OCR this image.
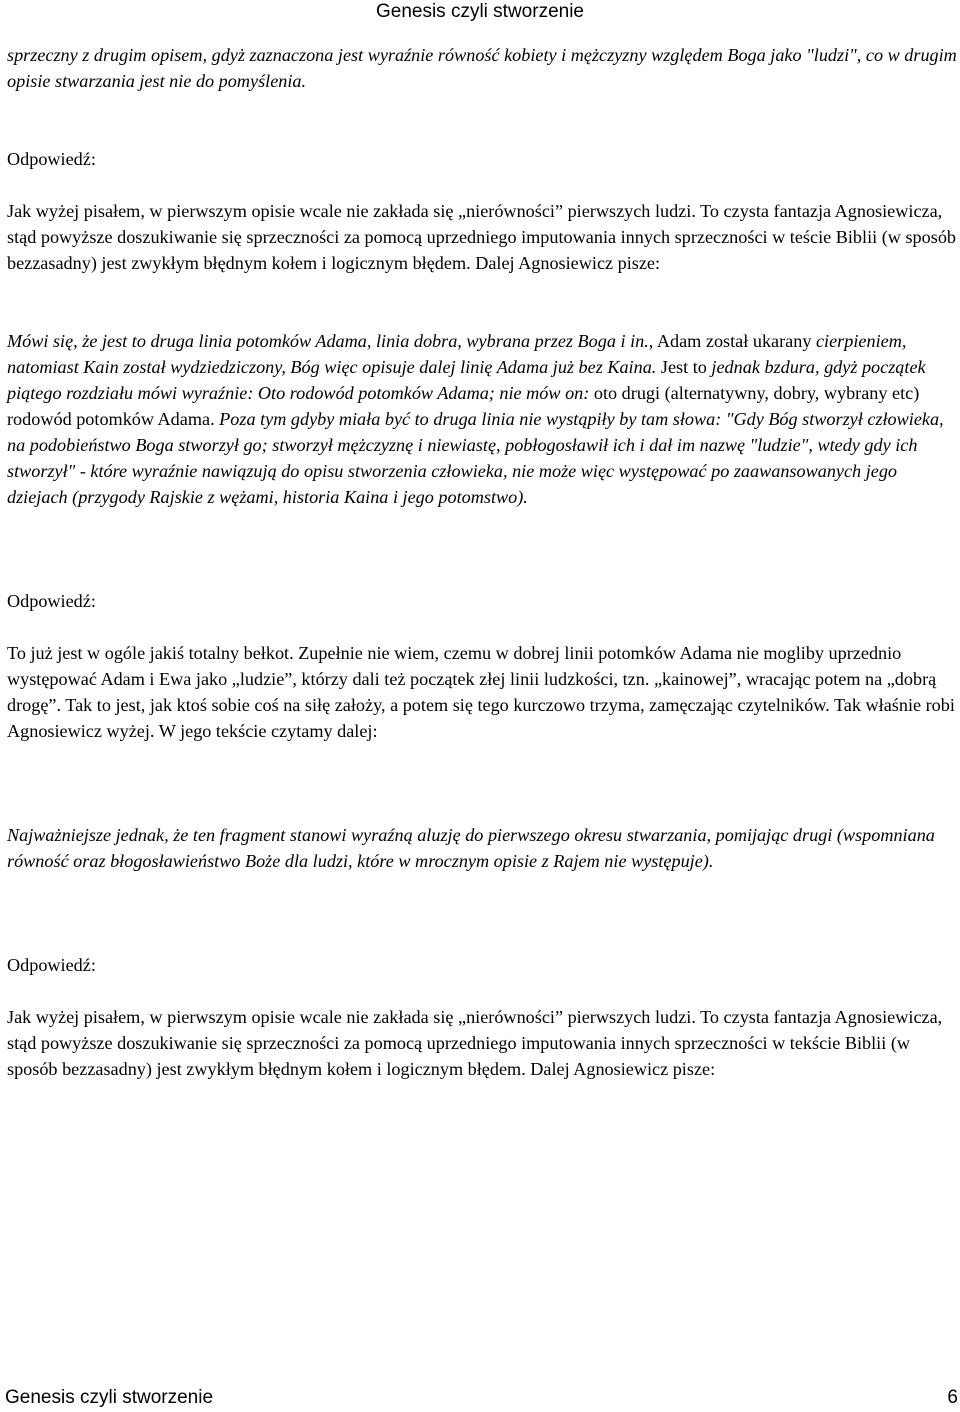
Genesis czyli stworzenie

sprzeczny z drugim opisem, gdyż zaznaczona jest wyraźnie równość kobiety i mężczyzny względem Boga jako "ludzi", co w drugim opisie stwarzania jest nie do pomyślenia.

Odpowiedź:

Jak wyżej pisałem, w pierwszym opisie wcale nie zakłada się „nierówności” pierwszych ludzi. To czysta fantazja Agnosiewicza, stąd powyższe doszukiwanie się sprzeczności za pomocą uprzedniego imputowania innych sprzeczności w teście Biblii (w sposób bezzasadny) jest zwykłym błędnym kołem i logicznym błędem. Dalej Agnosiewicz pisze:

Mówi się, że jest to druga linia potomków Adama, linia dobra, wybrana przez Boga i in., Adam został ukarany cierpieniem, natomiast Kain został wydziedziczony, Bóg więc opisuje dalej linię Adama już bez Kaina. Jest to jednak bzdura, gdyż początek piątego rozdziału mówi wyraźnie: Oto rodowód potomków Adama; nie mów on: oto drugi (alternatywny, dobry, wybrany etc) rodowód potomków Adama. Poza tym gdyby miała być to druga linia nie wystąpiły by tam słowa: "Gdy Bóg stworzył człowieka, na podobieństwo Boga stworzył go; stworzył mężczyznę i niewiastę, pobłogosławił ich i dał im nazwę "ludzie", wtedy gdy ich stworzył" - które wyraźnie nawiązują do opisu stworzenia człowieka, nie może więc występować po zaawansowanych jego dziejach (przygody Rajskie z wężami, historia Kaina i jego potomstwo).

Odpowiedź:

To już jest w ogóle jakiś totalny bełkot. Zupełnie nie wiem, czemu w dobrej linii potomków Adama nie mogliby uprzednio występować Adam i Ewa jako „ludzie”, którzy dali też początek złej linii ludzkości, tzn. „kainowej”, wracając potem na „dobrą drogę”. Tak to jest, jak ktoś sobie coś na siłę założy, a potem się tego kurczowo trzyma, zamęczając czytelników. Tak właśnie robi Agnosiewicz wyżej. W jego tekście czytamy dalej:

Najważniejsze jednak, że ten fragment stanowi wyraźną aluzję do pierwszego okresu stwarzania, pomijając drugi (wspomniana równość oraz błogosławieństwo Boże dla ludzi, które w mrocznym opisie z Rajem nie występuje).

Odpowiedź:

Jak wyżej pisałem, w pierwszym opisie wcale nie zakłada się „nierówności” pierwszych ludzi. To czysta fantazja Agnosiewicza, stąd powyższe doszukiwanie się sprzeczności za pomocą uprzedniego imputowania innych sprzeczności w tekście Biblii (w sposób bezzasadny) jest zwykłym błędnym kołem i logicznym błędem. Dalej Agnosiewicz pisze:

Genesis czyli stworzenie	6
